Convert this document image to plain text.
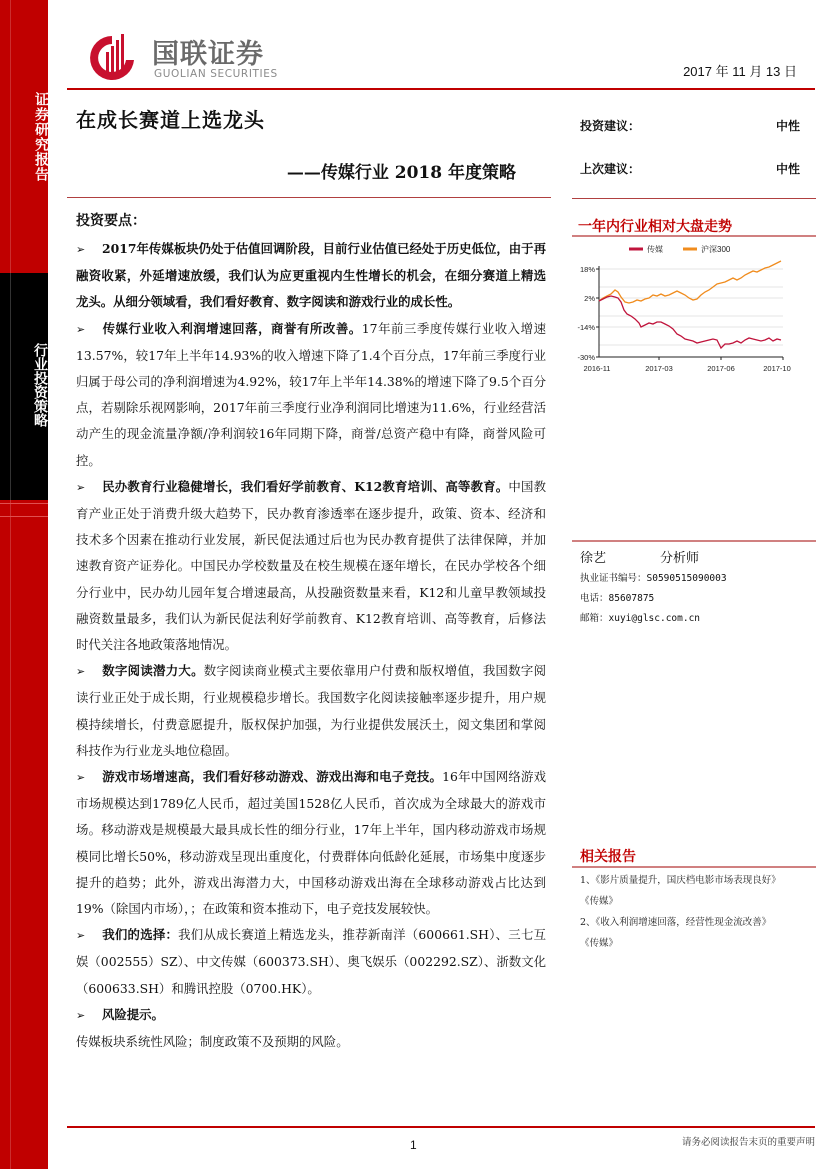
证券研究报告
行业投资策略
国联证券
GUOLIAN SECURITIES	2017 年 11 月 13 日
在成长赛道上选龙头
——传媒行业 2018 年度策略
投资建议：	中性
上次建议：	中性
一年内行业相对大盘走势
传媒	沪深300
18%
2%
-14%
-30%
2016-11	2017-03	2017-06	2017-10
投资要点：

➢ 2017年传媒板块仍处于估值回调阶段，目前行业估值已经处于历史低位，由于再融资收紧，外延增速放缓，我们认为应更重视内生性增长的机会，在细分赛道上精选龙头。从细分领域看，我们看好教育、数字阅读和游戏行业的成长性。

➢ 传媒行业收入利润增速回落，商誉有所改善。17年前三季度传媒行业收入增速13.57%，较17年上半年14.93%的收入增速下降了1.4个百分点，17年前三季度行业归属于母公司的净利润增速为4.92%，较17年上半年14.38%的增速下降了9.5个百分点，若剔除乐视网影响，2017年前三季度行业净利润同比增速为11.6%，行业经营活动产生的现金流量净额/净利润较16年同期下降，商誉/总资产稳中有降，商誉风险可控。

➢ 民办教育行业稳健增长，我们看好学前教育、K12教育培训、高等教育。中国教育产业正处于消费升级大趋势下，民办教育渗透率在逐步提升，政策、资本、经济和技术多个因素在推动行业发展，新民促法通过后也为民办教育提供了法律保障，并加速教育资产证券化。中国民办学校数量及在校生规模在逐年增长，在民办学校各个细分行业中，民办幼儿园年复合增速最高，从投融资数量来看，K12和儿童早教领域投融资数量最多，我们认为新民促法利好学前教育、K12教育培训、高等教育，后修法时代关注各地政策落地情况。

➢ 数字阅读潜力大。数字阅读商业模式主要依靠用户付费和版权增值，我国数字阅读行业正处于成长期，行业规模稳步增长。我国数字化阅读接触率逐步提升，用户规模持续增长，付费意愿提升，版权保护加强，为行业提供发展沃土，阅文集团和掌阅科技作为行业龙头地位稳固。

➢ 游戏市场增速高，我们看好移动游戏、游戏出海和电子竞技。16年中国网络游戏市场规模达到1789亿人民币，超过美国1528亿人民币，首次成为全球最大的游戏市场。移动游戏是规模最大最具成长性的细分行业，17年上半年，国内移动游戏市场规模同比增长50%，移动游戏呈现出重度化，付费群体向低龄化延展，市场集中度逐步提升的趋势；此外，游戏出海潜力大，中国移动游戏出海在全球移动游戏占比达到19%（除国内市场），；在政策和资本推动下，电子竞技发展较快。

➢ 我们的选择：我们从成长赛道上精选龙头，推荐新南洋（600661.SH）、三七互娱（002555）SZ）、中文传媒（600373.SH）、奥飞娱乐（002292.SZ）、浙数文化（600633.SH）和腾讯控股（0700.HK）。

➢ 风险提示。

传媒板块系统性风险；制度政策不及预期的风险。

徐艺	分析师
执业证书编号：S0590515090003
电话：85607875
邮箱：xuyi@glsc.com.cn
相关报告
1、《影片质量提升，国庆档电影市场表现良好》
《传媒》
2、《收入利润增速回落，经营性现金流改善》
《传媒》
1	请务必阅读报告末页的重要声明
